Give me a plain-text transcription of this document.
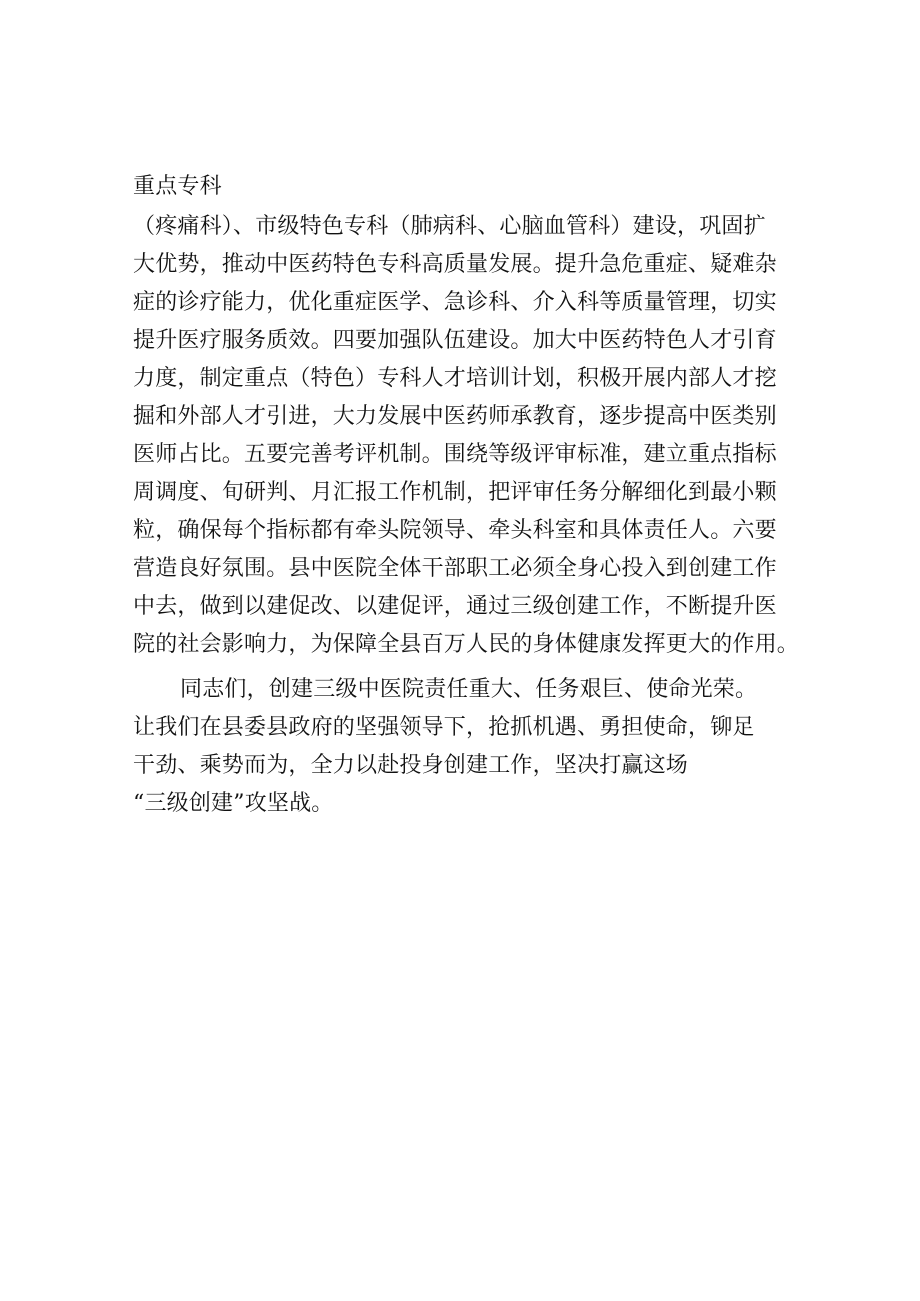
重点专科

（疼痛科）、市级特色专科（肺病科、心脑血管科）建设，巩固扩

大优势，推动中医药特色专科高质量发展。提升急危重症、疑难杂

症的诊疗能力，优化重症医学、急诊科、介入科等质量管理，切实

提升医疗服务质效。四要加强队伍建设。加大中医药特色人才引育

力度，制定重点（特色）专科人才培训计划，积极开展内部人才挖

掘和外部人才引进，大力发展中医药师承教育，逐步提高中医类别

医师占比。五要完善考评机制。围绕等级评审标准，建立重点指标

周调度、旬研判、月汇报工作机制，把评审任务分解细化到最小颗

粒，确保每个指标都有牵头院领导、牵头科室和具体责任人。六要

营造良好氛围。县中医院全体干部职工必须全身心投入到创建工作

中去，做到以建促改、以建促评，通过三级创建工作，不断提升医

院的社会影响力，为保障全县百万人民的身体健康发挥更大的作用。

同志们，创建三级中医院责任重大、任务艰巨、使命光荣。

让我们在县委县政府的坚强领导下，抢抓机遇、勇担使命，铆足

干劲、乘势而为，全力以赴投身创建工作，坚决打赢这场

“三级创建”攻坚战。
